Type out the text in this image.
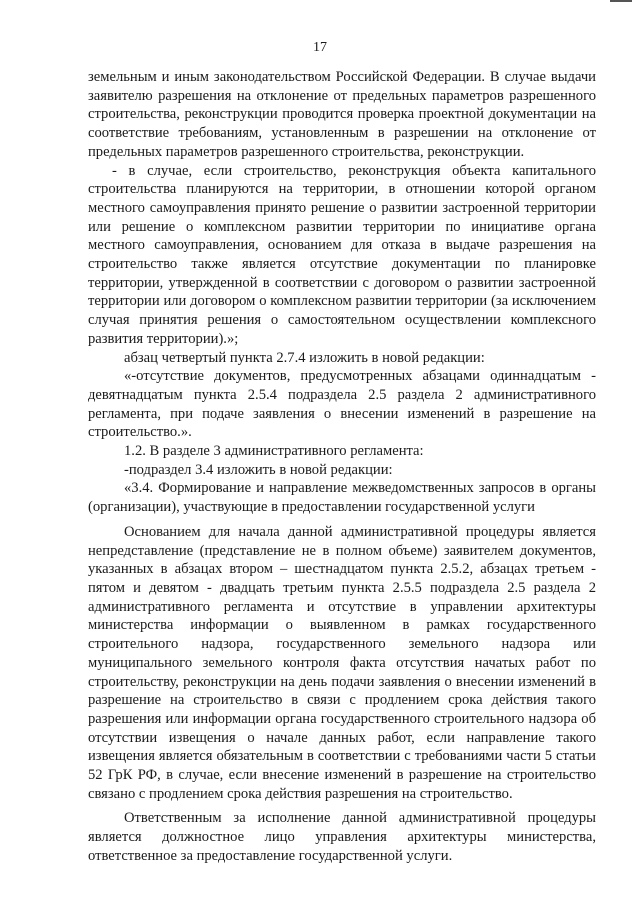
17

земельным и иным законодательством Российской Федерации. В случае выдачи заявителю разрешения на отклонение от предельных параметров разрешенного строительства, реконструкции проводится проверка проектной документации на соответствие требованиям, установленным в разрешении на отклонение от предельных параметров разрешенного строительства, реконструкции.

- в случае, если строительство, реконструкция объекта капитального строительства планируются на территории, в отношении которой органом местного самоуправления принято решение о развитии застроенной территории или решение о комплексном развитии территории по инициативе органа местного самоуправления, основанием для отказа в выдаче разрешения на строительство также является отсутствие документации по планировке территории, утвержденной в соответствии с договором о развитии застроенной территории или договором о комплексном развитии территории (за исключением случая принятия решения о самостоятельном осуществлении комплексного развития территории).»;

абзац четвертый пункта 2.7.4 изложить в новой редакции:

«-отсутствие документов, предусмотренных абзацами одиннадцатым - девятнадцатым пункта 2.5.4 подраздела 2.5 раздела 2 административного регламента, при подаче заявления о внесении изменений в разрешение на строительство.».

1.2. В разделе 3 административного регламента:

-подраздел 3.4 изложить в новой редакции:

«3.4. Формирование и направление межведомственных запросов в органы (организации), участвующие в предоставлении государственной услуги

Основанием для начала данной административной процедуры является непредставление (представление не в полном объеме) заявителем документов, указанных в абзацах втором – шестнадцатом пункта 2.5.2, абзацах третьем - пятом и девятом - двадцать третьим пункта 2.5.5 подраздела 2.5 раздела 2 административного регламента и отсутствие в управлении архитектуры министерства информации о выявленном в рамках государственного строительного надзора, государственного земельного надзора или муниципального земельного контроля факта отсутствия начатых работ по строительству, реконструкции на день подачи заявления о внесении изменений в разрешение на строительство в связи с продлением срока действия такого разрешения или информации органа государственного строительного надзора об отсутствии извещения о начале данных работ, если направление такого извещения является обязательным в соответствии с требованиями части 5 статьи 52 ГрК РФ, в случае, если внесение изменений в разрешение на строительство связано с продлением срока действия разрешения на строительство.

Ответственным за исполнение данной административной процедуры является должностное лицо управления архитектуры министерства, ответственное за предоставление государственной услуги.
